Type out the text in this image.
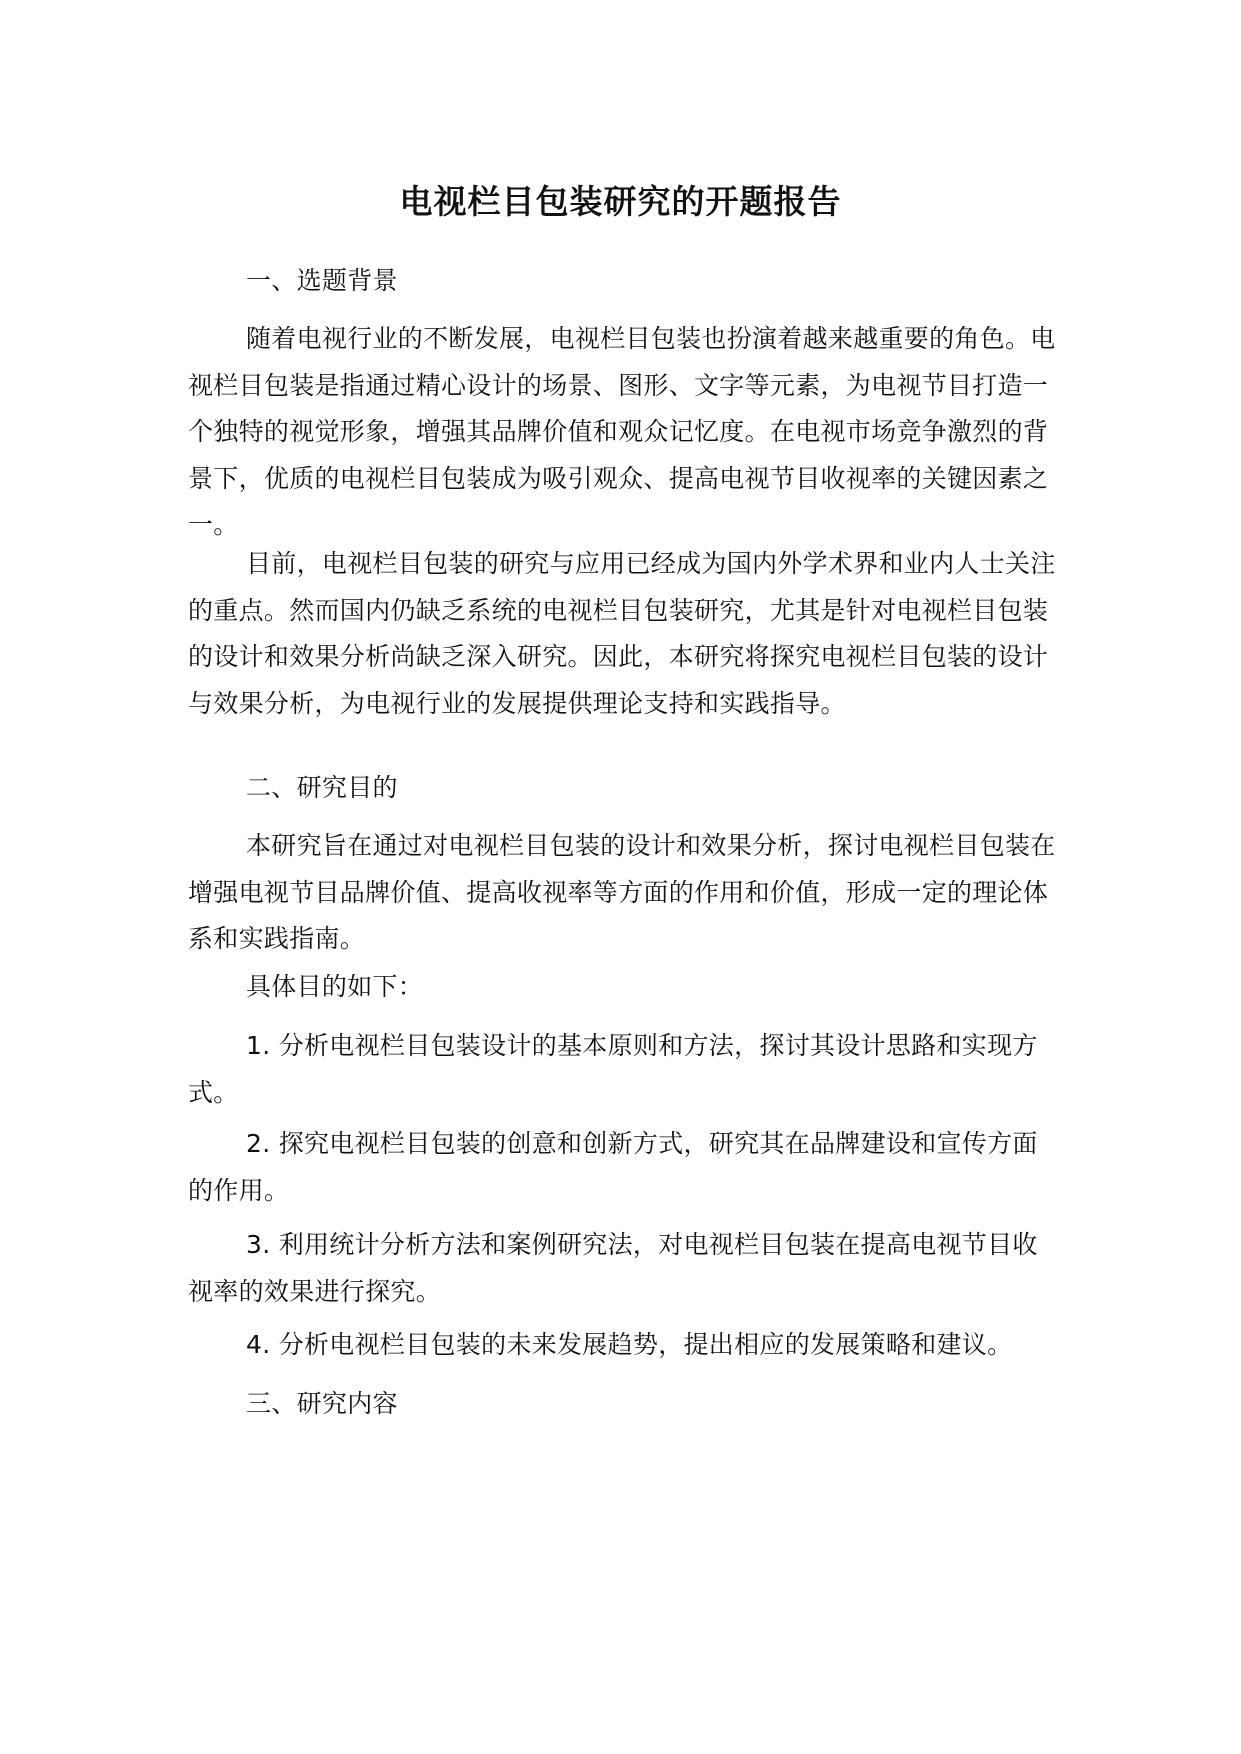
电视栏目包装研究的开题报告

一、选题背景

随着电视行业的不断发展，电视栏目包装也扮演着越来越重要的角色。电视栏目包装是指通过精心设计的场景、图形、文字等元素，为电视节目打造一个独特的视觉形象，增强其品牌价值和观众记忆度。在电视市场竞争激烈的背景下，优质的电视栏目包装成为吸引观众、提高电视节目收视率的关键因素之一。

目前，电视栏目包装的研究与应用已经成为国内外学术界和业内人士关注的重点。然而国内仍缺乏系统的电视栏目包装研究，尤其是针对电视栏目包装的设计和效果分析尚缺乏深入研究。因此，本研究将探究电视栏目包装的设计与效果分析，为电视行业的发展提供理论支持和实践指导。

二、研究目的

本研究旨在通过对电视栏目包装的设计和效果分析，探讨电视栏目包装在增强电视节目品牌价值、提高收视率等方面的作用和价值，形成一定的理论体系和实践指南。

具体目的如下：

1. 分析电视栏目包装设计的基本原则和方法，探讨其设计思路和实现方式。

2. 探究电视栏目包装的创意和创新方式，研究其在品牌建设和宣传方面的作用。

3. 利用统计分析方法和案例研究法，对电视栏目包装在提高电视节目收视率的效果进行探究。

4. 分析电视栏目包装的未来发展趋势，提出相应的发展策略和建议。

三、研究内容
